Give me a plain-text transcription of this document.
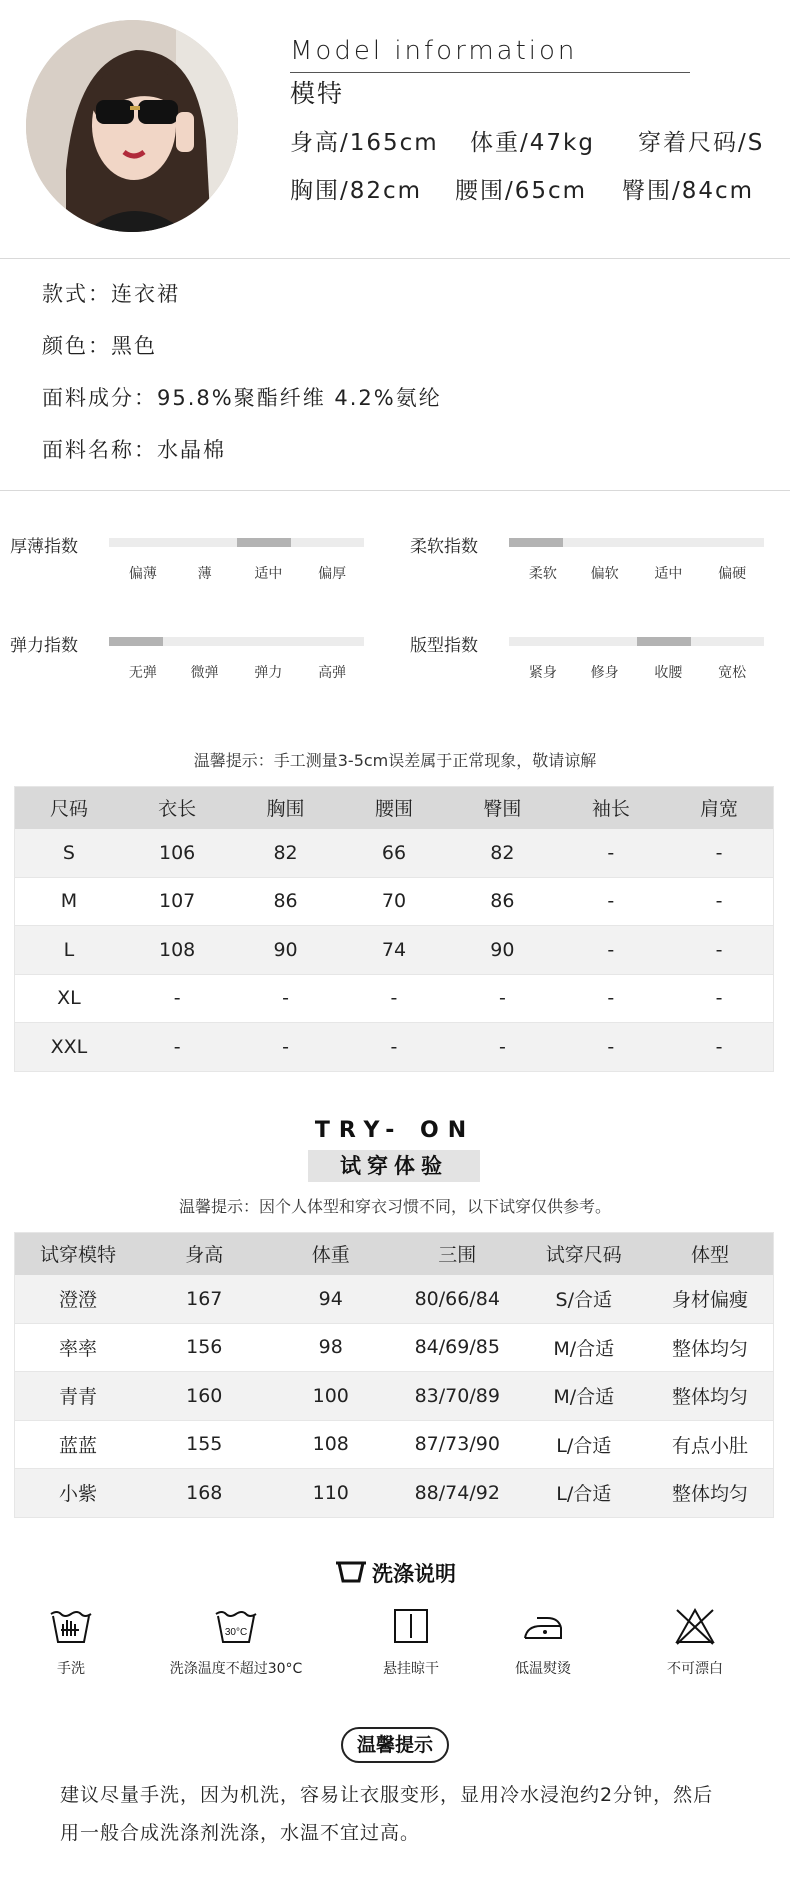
Model information
模特
身高/165cm 体重/47kg 穿着尺码/S
胸围/82cm 腰围/65cm 臀围/84cm
款式：连衣裙
颜色：黑色
面料成分：95.8%聚酯纤维 4.2%氨纶
面料名称：水晶棉
厚薄指数
偏薄	薄	适中	偏厚
柔软指数
柔软	偏软	适中	偏硬
弹力指数
无弹	微弹	弹力	高弹
版型指数
紧身	修身	收腰	宽松
温馨提示：手工测量3-5cm误差属于正常现象，敬请谅解
尺码	衣长	胸围	腰围	臀围	袖长	肩宽
S	106	82	66	82	-	-
M	107	86	70	86	-	-
L	108	90	74	90	-	-
XL	-	-	-	-	-	-
XXL	-	-	-	-	-	-
TRY- ON
试穿体验
温馨提示：因个人体型和穿衣习惯不同，以下试穿仅供参考。
试穿模特	身高	体重	三围	试穿尺码	体型
澄澄	167	94	80/66/84	S/合适	身材偏瘦
率率	156	98	84/69/85	M/合适	整体均匀
青青	160	100	83/70/89	M/合适	整体均匀
蓝蓝	155	108	87/73/90	L/合适	有点小肚
小紫	168	110	88/74/92	L/合适	整体均匀
洗涤说明
手洗
30°C
洗涤温度不超过30°C	悬挂晾干	低温熨烫	不可漂白
温馨提示
建议尽量手洗，因为机洗，容易让衣服变形，显用冷水浸泡约2分钟，然后
用一般合成洗涤剂洗涤，水温不宜过高。
